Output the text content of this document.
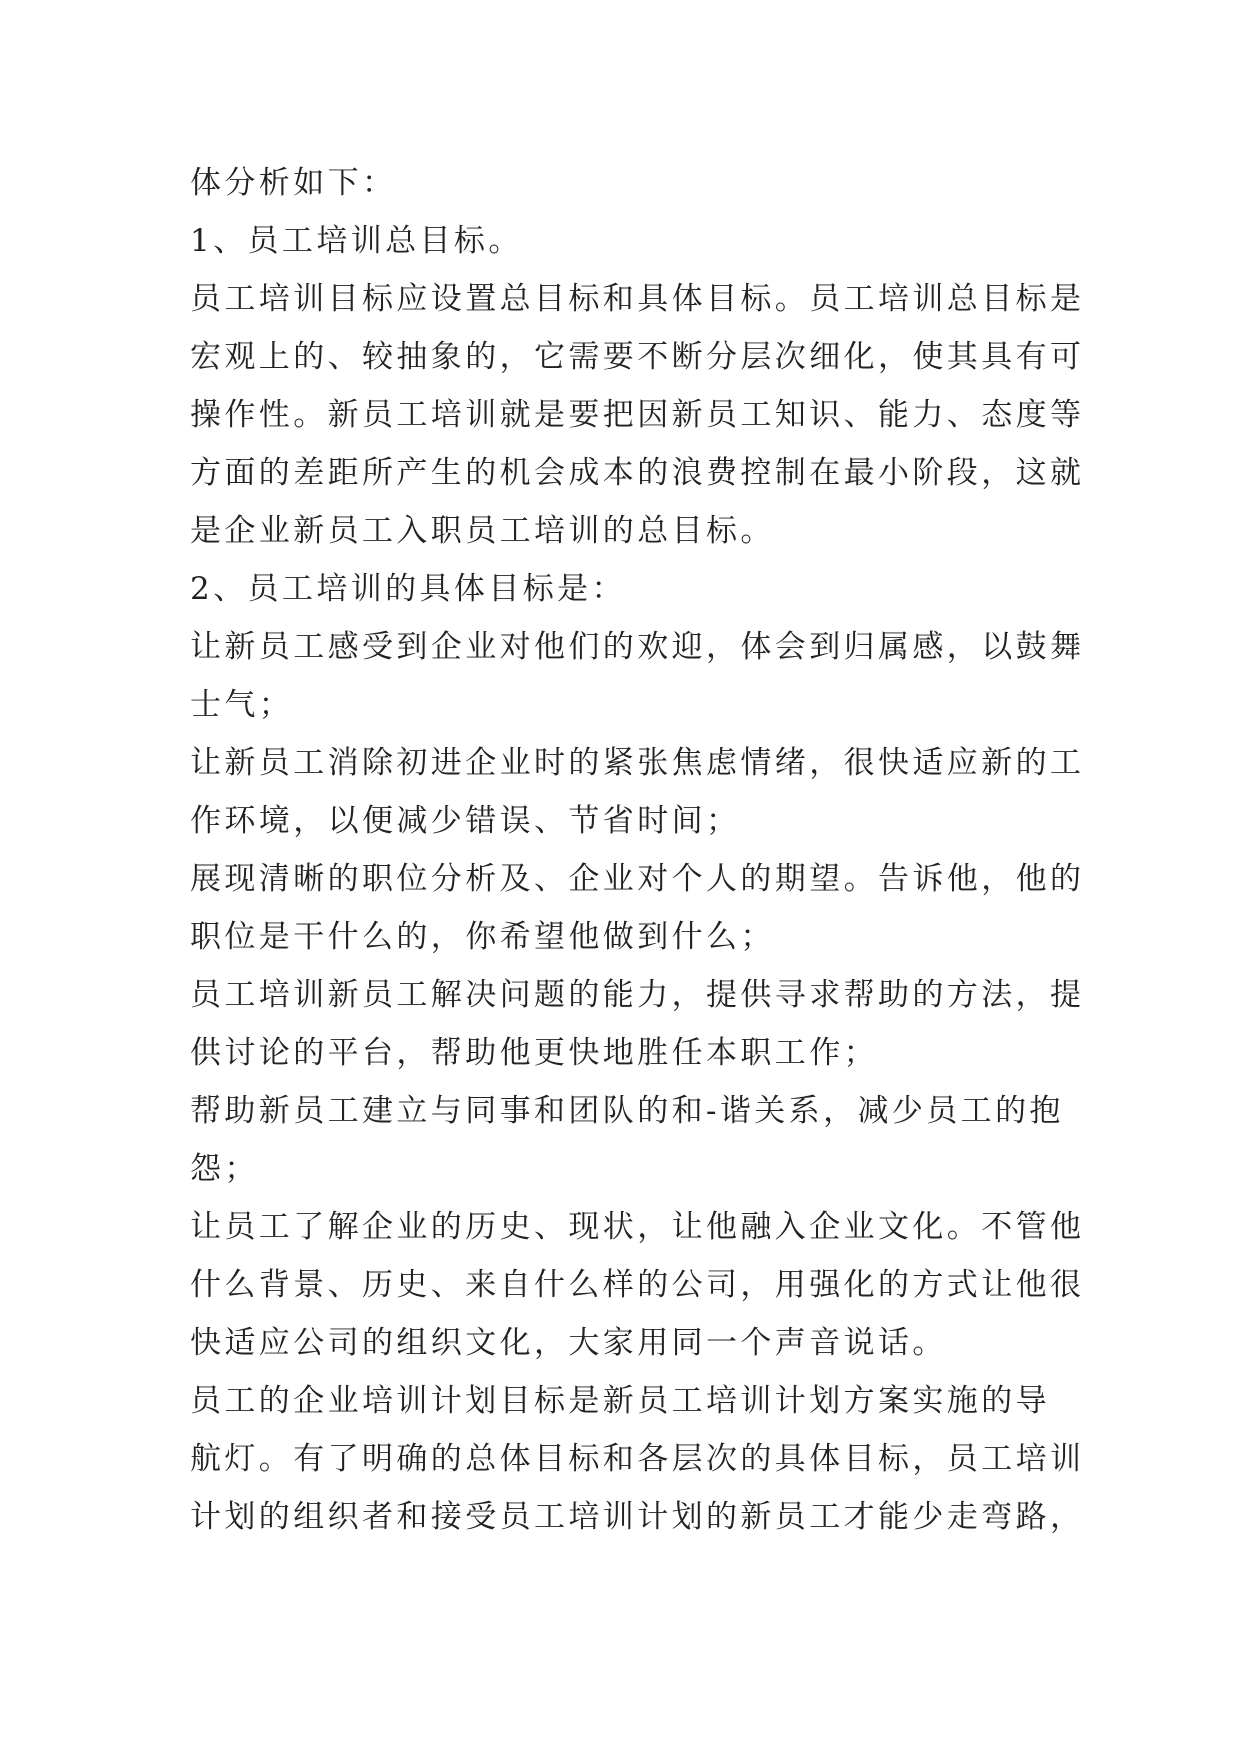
体分析如下：
1、员工培训总目标。
员工培训目标应设置总目标和具体目标。员工培训总目标是
宏观上的、较抽象的，它需要不断分层次细化，使其具有可
操作性。新员工培训就是要把因新员工知识、能力、态度等
方面的差距所产生的机会成本的浪费控制在最小阶段，这就
是企业新员工入职员工培训的总目标。
2、员工培训的具体目标是：
让新员工感受到企业对他们的欢迎，体会到归属感，以鼓舞
士气；
让新员工消除初进企业时的紧张焦虑情绪，很快适应新的工
作环境，以便减少错误、节省时间；
展现清晰的职位分析及、企业对个人的期望。告诉他，他的
职位是干什么的，你希望他做到什么；
员工培训新员工解决问题的能力，提供寻求帮助的方法，提
供讨论的平台，帮助他更快地胜任本职工作；
帮助新员工建立与同事和团队的和-谐关系，减少员工的抱
怨；
让员工了解企业的历史、现状，让他融入企业文化。不管他
什么背景、历史、来自什么样的公司，用强化的方式让他很
快适应公司的组织文化，大家用同一个声音说话。
员工的企业培训计划目标是新员工培训计划方案实施的导
航灯。有了明确的总体目标和各层次的具体目标，员工培训
计划的组织者和接受员工培训计划的新员工才能少走弯路，
